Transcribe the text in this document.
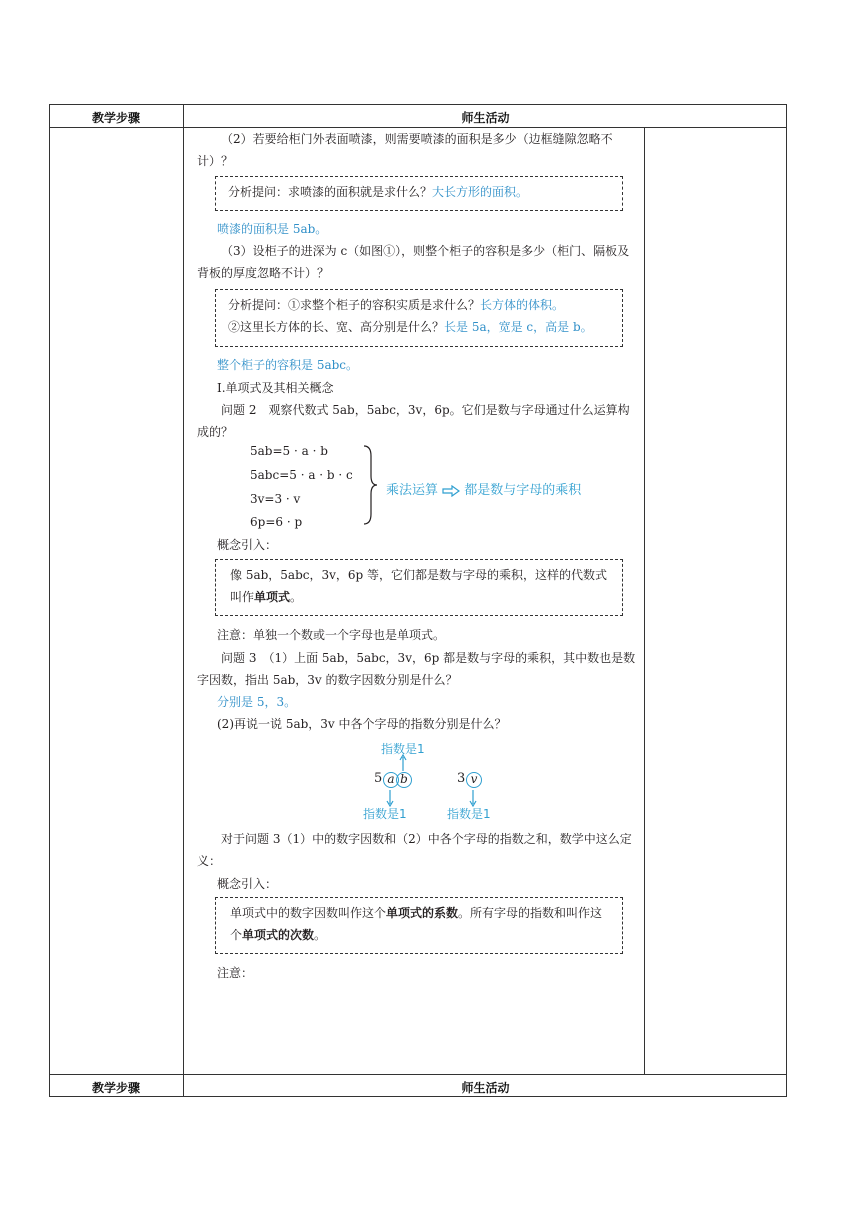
教学步骤	师生活动
教学步骤	师生活动
（2）若要给柜门外表面喷漆，则需要喷漆的面积是多少（边框缝隙忽略不计）？
分析提问：求喷漆的面积就是求什么？大长方形的面积。
喷漆的面积是 5ab。
（3）设柜子的进深为 c（如图①），则整个柜子的容积是多少（柜门、隔板及背板的厚度忽略不计）？
分析提问：①求整个柜子的容积实质是求什么？长方体的体积。
②这里长方体的长、宽、高分别是什么？长是 5a，宽是 c，高是 b。
整个柜子的容积是 5abc。
Ⅰ.单项式及其相关概念
问题 2　观察代数式 5ab，5abc，3v，6p。它们是数与字母通过什么运算构成的？
5ab=5 · a · b
5abc=5 · a · b · c
3v=3 · v
6p=6 · p
乘法运算 都是数与字母的乘积
概念引入：
像 5ab，5abc，3v，6p 等，它们都是数与字母的乘积，这样的代数式叫作单项式。
注意：单独一个数或一个字母也是单项式。
问题 3　（1）上面 5ab，5abc，3v，6p 都是数与字母的乘积，其中数也是数字因数，指出 5ab，3v 的数字因数分别是什么？
分别是 5，3。
(2)再说一说 5ab，3v 中各个字母的指数分别是什么？
指数是1
5 a b
指数是1
3 v
指数是1
对于问题 3（1）中的数字因数和（2）中各个字母的指数之和，数学中这么定义：
概念引入：
单项式中的数字因数叫作这个单项式的系数。所有字母的指数和叫作这个单项式的次数。
注意：
